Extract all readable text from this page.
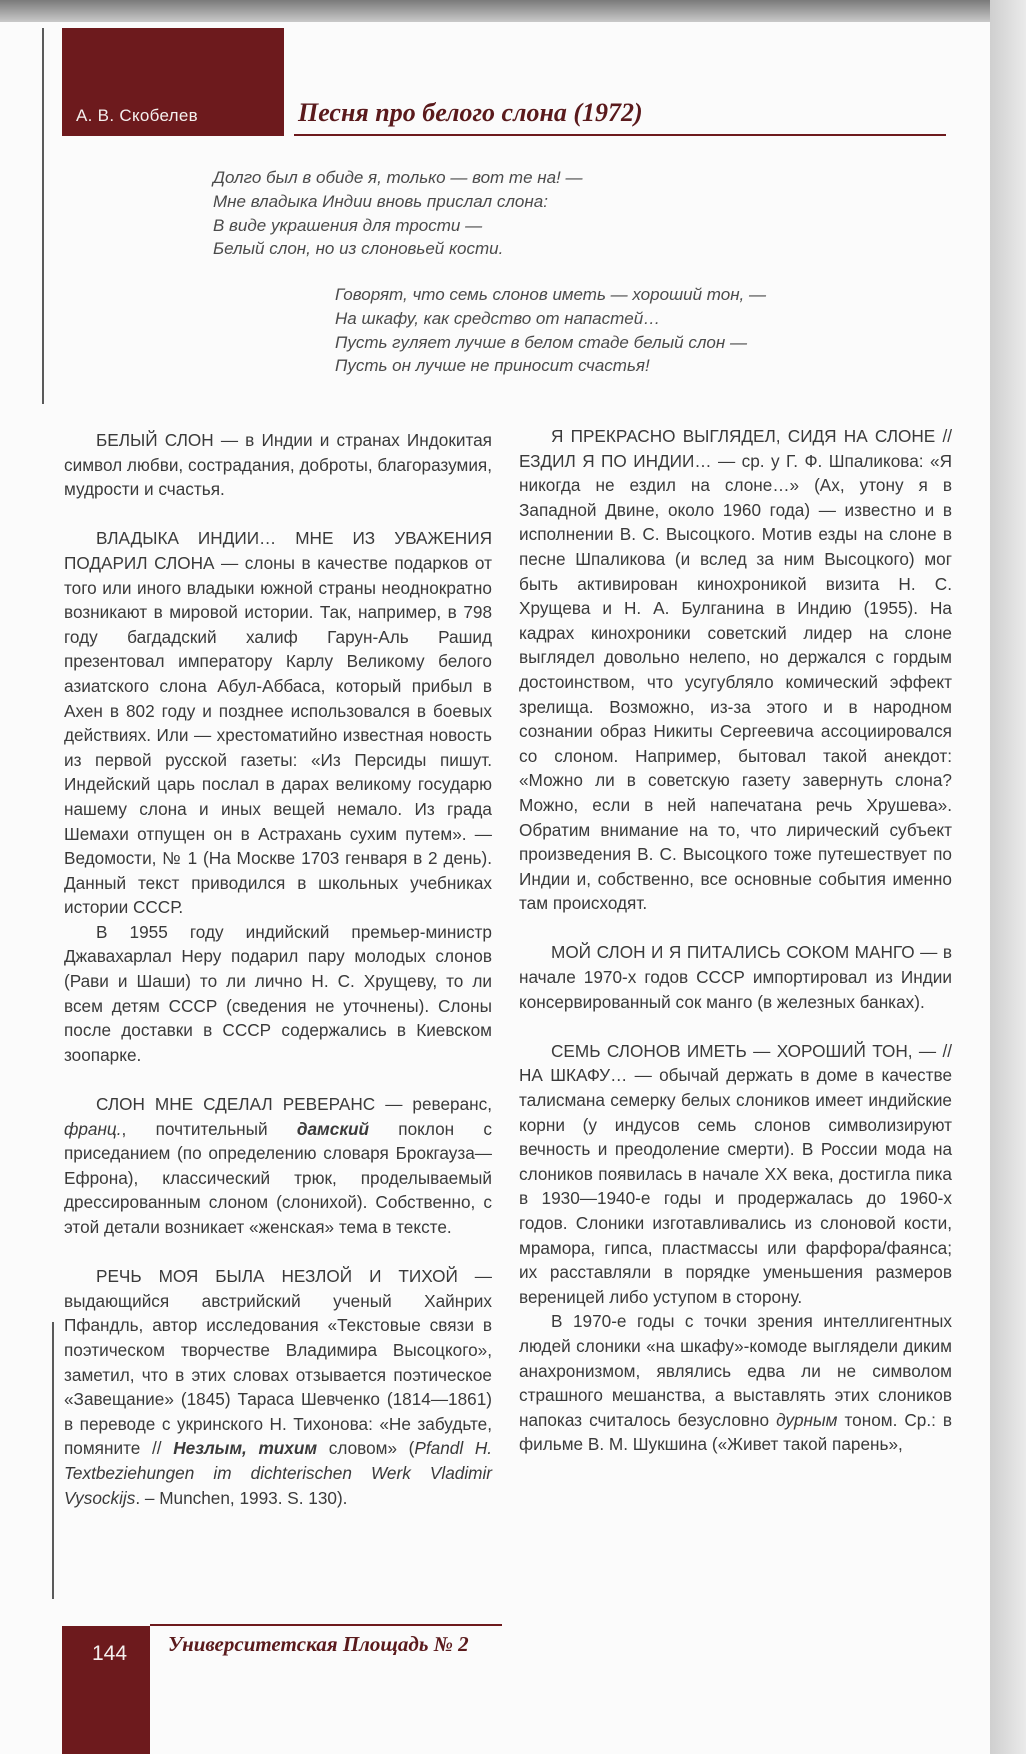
А. В. Скобелев	Песня про белого слона (1972)
Долго был в обиде я, только — вот те на! —
Мне владыка Индии вновь прислал слона:
В виде украшения для трости —
Белый слон, но из слоновьей кости.
Говорят, что семь слонов иметь — хороший тон, —
На шкафу, как средство от напастей…
Пусть гуляет лучше в белом стаде белый слон —
Пусть он лучше не приносит счастья!

БЕЛЫЙ СЛОН — в Индии и странах Индокитая символ любви, сострадания, доброты, благоразумия, мудрости и счастья.

ВЛАДЫКА ИНДИИ… МНЕ ИЗ УВАЖЕНИЯ ПОДАРИЛ СЛОНА — слоны в качестве подарков от того или иного владыки южной страны неоднократно возникают в мировой истории. Так, например, в 798 году багдадский халиф Гарун-Аль Рашид презентовал императору Карлу Великому белого азиатского слона Абул-Аббаса, который прибыл в Ахен в 802 году и позднее использовался в боевых действиях. Или — хрестоматийно известная новость из первой русской газеты: «Из Персиды пишут. Индейский царь послал в дарах великому государю нашему слона и иных вещей немало. Из града Шемахи отпущен он в Астрахань сухим путем». — Ведомости, № 1 (На Москве 1703 генваря в 2 день). Данный текст приводился в школьных учебниках истории СССР.

В 1955 году индийский премьер-министр Джавахарлал Неру подарил пару молодых слонов (Рави и Шаши) то ли лично Н. С. Хрущеву, то ли всем детям СССР (сведения не уточнены). Слоны после доставки в СССР содержались в Киевском зоопарке.

СЛОН МНЕ СДЕЛАЛ РЕВЕРАНС — реверанс, франц., почтительный дамский поклон с приседанием (по определению словаря Брокгауза—Ефрона), классический трюк, проделываемый дрессированным слоном (слонихой). Собственно, с этой детали возникает «женская» тема в тексте.

РЕЧЬ МОЯ БЫЛА НЕЗЛОЙ И ТИХОЙ — выдающийся австрийский ученый Хайнрих Пфандль, автор исследования «Текстовые связи в поэтическом творчестве Владимира Высоцкого», заметил, что в этих словах отзывается поэтическое «Завещание» (1845) Тараса Шевченко (1814—1861) в переводе с укринского Н. Тихонова: «Не забудьте, помяните // Незлым, тихим словом» (Pfandl H. Textbeziehungen im dichterischen Werk Vladimir Vysockijs. – Munchen, 1993. S. 130).

Я ПРЕКРАСНО ВЫГЛЯДЕЛ, СИДЯ НА СЛОНЕ // ЕЗДИЛ Я ПО ИНДИИ… — ср. у Г. Ф. Шпаликова: «Я никогда не ездил на слоне…» (Ах, утону я в Западной Двине, около 1960 года) — известно и в исполнении В. С. Высоцкого. Мотив езды на слоне в песне Шпаликова (и вслед за ним Высоцкого) мог быть активирован кинохроникой визита Н. С. Хрущева и Н. А. Булганина в Индию (1955). На кадрах кинохроники советский лидер на слоне выглядел довольно нелепо, но держался с гордым достоинством, что усугубляло комический эффект зрелища. Возможно, из-за этого и в народном сознании образ Никиты Сергеевича ассоциировался со слоном. Например, бытовал такой анекдот: «Можно ли в советскую газету завернуть слона? Можно, если в ней напечатана речь Хрушева». Обратим внимание на то, что лирический субъект произведения В. С. Высоцкого тоже путешествует по Индии и, собственно, все основные события именно там происходят.

МОЙ СЛОН И Я ПИТАЛИСЬ СОКОМ МАНГО — в начале 1970-х годов СССР импортировал из Индии консервированный сок манго (в железных банках).

СЕМЬ СЛОНОВ ИМЕТЬ — ХОРОШИЙ ТОН, — // НА ШКАФУ… — обычай держать в доме в качестве талисмана семерку белых слоников имеет индийские корни (у индусов семь слонов символизируют вечность и преодоление смерти). В России мода на слоников появилась в начале ХХ века, достигла пика в 1930—1940-е годы и продержалась до 1960-х годов. Слоники изготавливались из слоновой кости, мрамора, гипса, пластмассы или фарфора/фаянса; их расставляли в порядке уменьшения размеров вереницей либо уступом в сторону.

В 1970-е годы с точки зрения интеллигентных людей слоники «на шкафу»-комоде выглядели диким анахронизмом, являлись едва ли не символом страшного мешанства, а выставлять этих слоников напоказ считалось безусловно дурным тоном. Ср.: в фильме В. М. Шукшина («Живет такой парень»,

144 Университетская Площадь № 2
